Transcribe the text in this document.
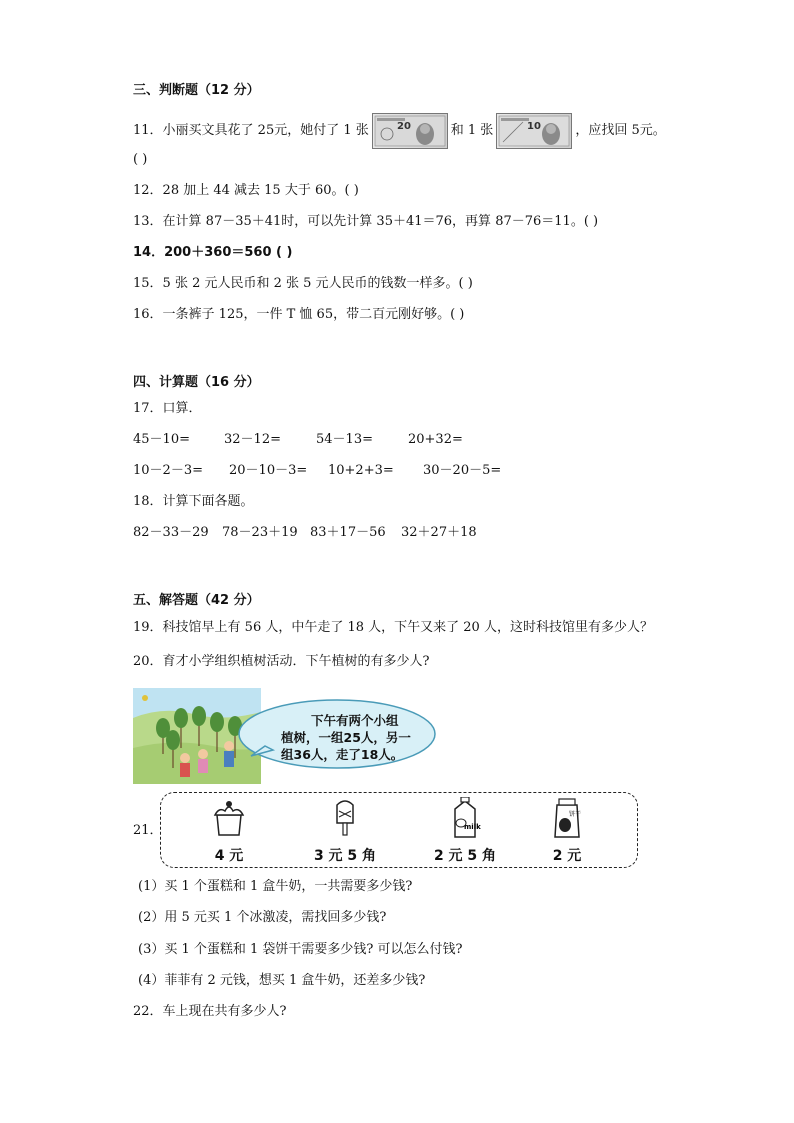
三、判断题（12 分）
11．小丽买文具花了 25元，她付了 1 张	20	和 1 张	10	，应找回 5元。
( )
12．28 加上 44 减去 15 大于 60。( )
13．在计算 87－35＋41时，可以先计算 35＋41＝76，再算 87－76＝11。( )
14．200＋360＝560 ( )
15．5 张 2 元人民币和 2 张 5 元人民币的钱数一样多。( )
16．一条裤子 125，一件 T 恤 65，带二百元刚好够。( )
四、计算题（16 分）
17．口算．
45－10=	32－12=	54－13=	20+32=
10－2－3= 20－10－3= 10+2+3= 30－20－5=
18．计算下面各题。
82－33－29 78－23＋19 83＋17－56 32＋27＋18
五、解答题（42 分）
19．科技馆早上有 56 人，中午走了 18 人，下午又来了 20 人，这时科技馆里有多少人？
20．育才小学组织植树活动．下午植树的有多少人?
下午有两个小组
植树，一组25人，另一
组36人，走了18人。
21．
4 元	3 元 5 角
milk
2 元 5 角
饼干
2 元
(1）买 1 个蛋糕和 1 盒牛奶，一共需要多少钱?
(2）用 5 元买 1 个冰激凌，需找回多少钱?
(3）买 1 个蛋糕和 1 袋饼干需要多少钱? 可以怎么付钱?
(4）菲菲有 2 元钱，想买 1 盒牛奶，还差多少钱?
22．车上现在共有多少人?
